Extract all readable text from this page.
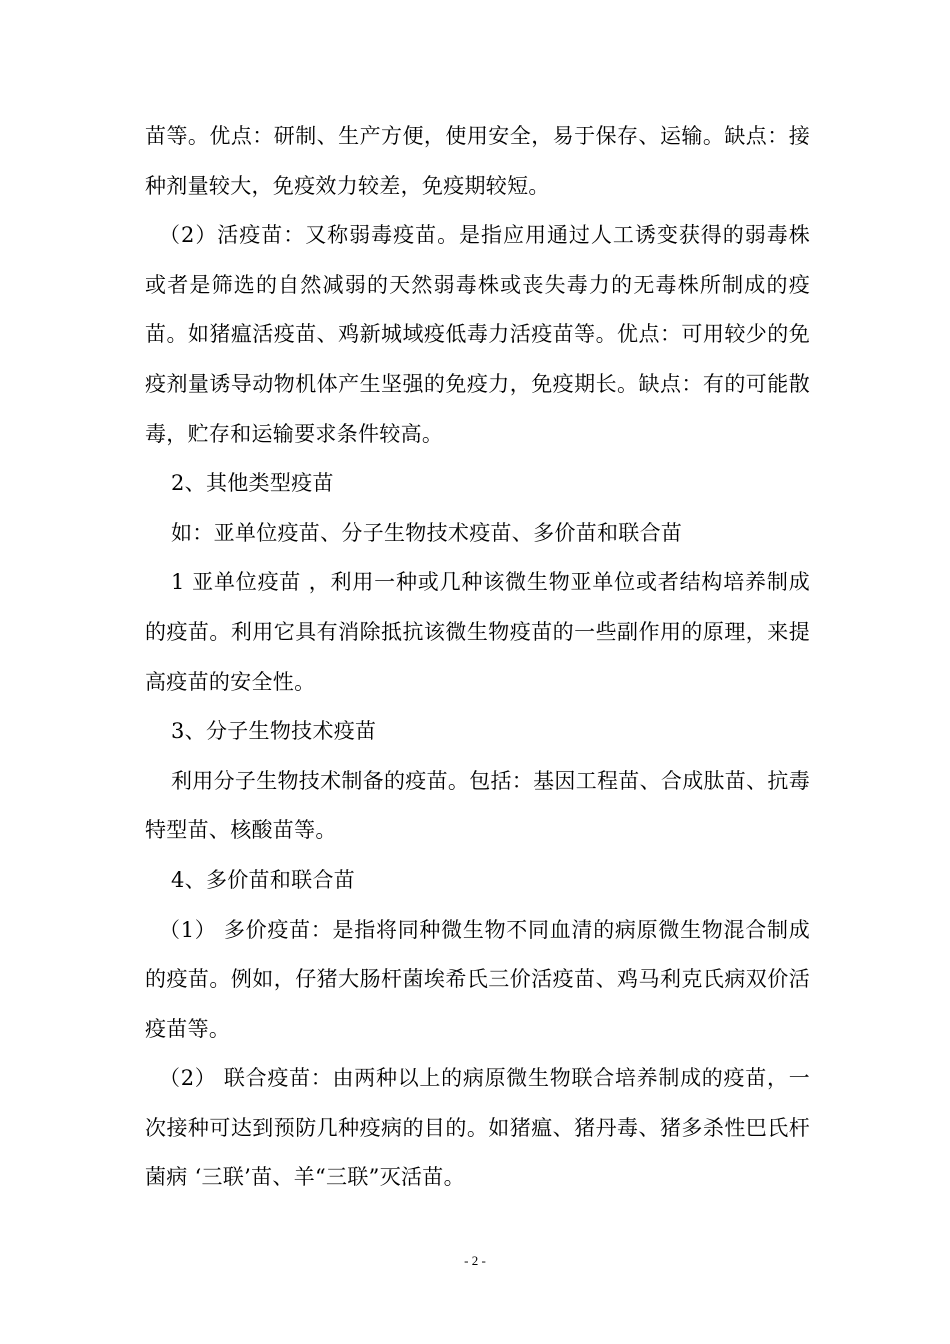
苗等。优点：研制、生产方便，使用安全，易于保存、运输。缺点：接种剂量较大，免疫效力较差，免疫期较短。

（2）活疫苗：又称弱毒疫苗。是指应用通过人工诱变获得的弱毒株或者是筛选的自然减弱的天然弱毒株或丧失毒力的无毒株所制成的疫苗。如猪瘟活疫苗、鸡新城域疫低毒力活疫苗等。优点：可用较少的免疫剂量诱导动物机体产生坚强的免疫力，免疫期长。缺点：有的可能散毒，贮存和运输要求条件较高。

2、其他类型疫苗

如：亚单位疫苗、分子生物技术疫苗、多价苗和联合苗

1 亚单位疫苗 ，利用一种或几种该微生物亚单位或者结构培养制成的疫苗。利用它具有消除抵抗该微生物疫苗的一些副作用的原理，来提高疫苗的安全性。

3、分子生物技术疫苗

利用分子生物技术制备的疫苗。包括：基因工程苗、合成肽苗、抗毒特型苗、核酸苗等。

4、多价苗和联合苗

（1） 多价疫苗：是指将同种微生物不同血清的病原微生物混合制成的疫苗。例如，仔猪大肠杆菌埃希氏三价活疫苗、鸡马利克氏病双价活疫苗等。

（2） 联合疫苗：由两种以上的病原微生物联合培养制成的疫苗，一次接种可达到预防几种疫病的目的。如猪瘟、猪丹毒、猪多杀性巴氏杆菌病 ‘三联’苗、羊“三联”灭活苗。

- 2 -
